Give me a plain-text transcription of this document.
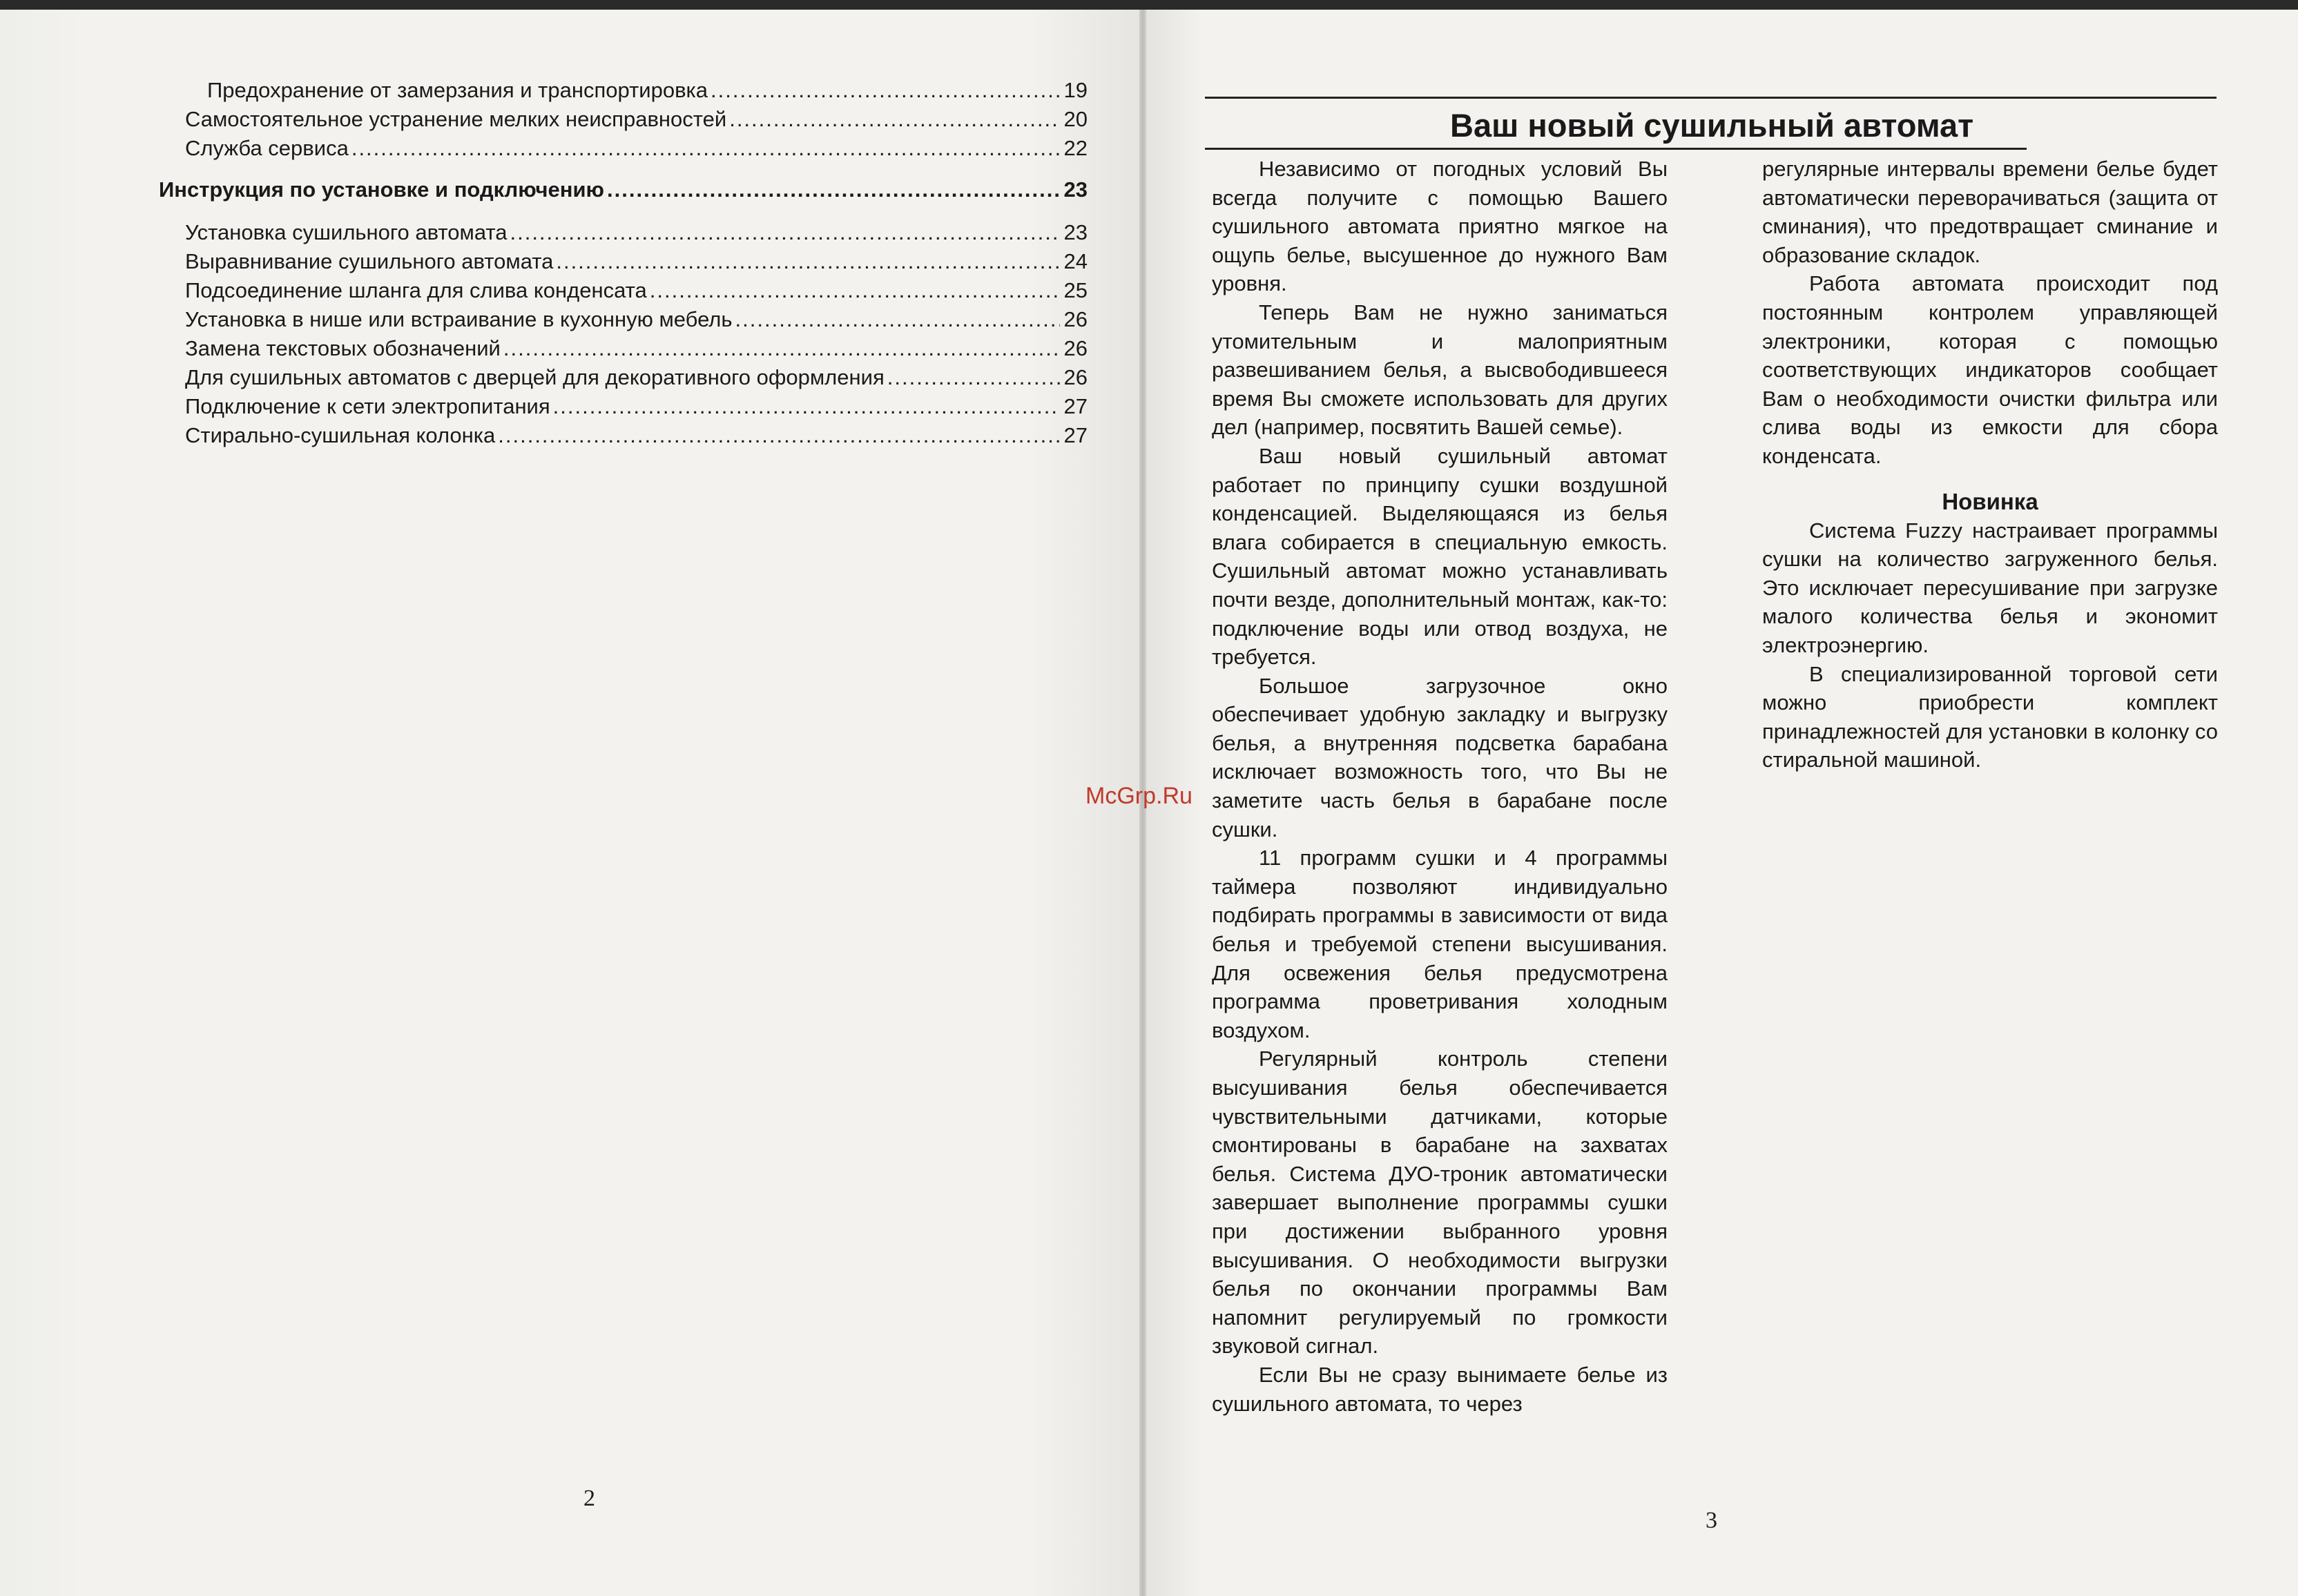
Предохранение от замерзания и транспортировка .....	19
Самостоятельное устранение мелких неисправностей .....	20
Служба сервиса .....	22
Инструкция по установке и подключению .....	23
Установка сушильного автомата .....	23
Выравнивание сушильного автомата .....	24
Подсоединение шланга для слива конденсата .....	25
Установка в нише или встраивание в кухонную мебель .....	26
Замена текстовых обозначений .....	26
Для сушильных автоматов с дверцей для декоративного оформления .....	26
Подключение к сети электропитания .....	27
Стирально-сушильная колонка .....	27
2
Ваш новый сушильный автомат

Независимо от погодных условий Вы всегда получите с помощью Вашего сушильного автомата приятно мягкое на ощупь белье, высушенное до нужного Вам уровня.

Теперь Вам не нужно заниматься утомительным и малоприятным развешиванием белья, а высвободившееся время Вы сможете использовать для других дел (например, посвятить Вашей семье).

Ваш новый сушильный автомат работает по принципу сушки воздушной конденсацией. Выделяющаяся из белья влага собирается в специальную емкость. Сушильный автомат можно устанавливать почти везде, дополнительный монтаж, как-то: подключение воды или отвод воздуха, не требуется.

Большое загрузочное окно обеспечивает удобную закладку и выгрузку белья, а внутренняя подсветка барабана исключает возможность того, что Вы не заметите часть белья в барабане после сушки.

11 программ сушки и 4 программы таймера позволяют индивидуально подбирать программы в зависимости от вида белья и требуемой степени высушивания. Для освежения белья предусмотрена программа проветривания холодным воздухом.

Регулярный контроль степени высушивания белья обеспечивается чувствительными датчиками, которые смонтированы в барабане на захватах белья. Система ДУО-троник автоматически завершает выполнение программы сушки при достижении выбранного уровня высушивания. О необходимости выгрузки белья по окончании программы Вам напомнит регулируемый по громкости звуковой сигнал.

Если Вы не сразу вынимаете белье из сушильного автомата, то через

регулярные интервалы времени белье будет автоматически переворачиваться (защита от сминания), что предотвращает сминание и образование складок.

Работа автомата происходит под постоянным контролем управляющей электроники, которая с помощью соответствующих индикаторов сообщает Вам о необходимости очистки фильтра или слива воды из емкости для сбора конденсата.

Новинка

Система Fuzzy настраивает программы сушки на количество загруженного белья. Это исключает пересушивание при загрузке малого количества белья и экономит электроэнергию.

В специализированной торговой сети можно приобрести комплект принадлежностей для установки в колонку со стиральной машиной.

3
McGrp.Ru
